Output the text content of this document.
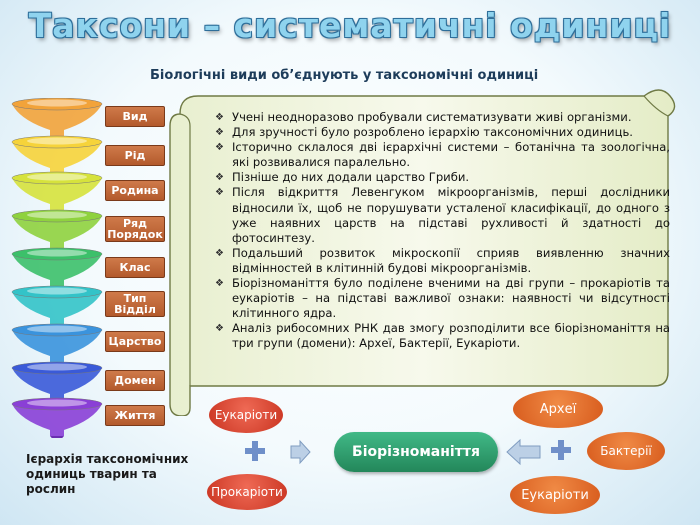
Таксони – систематичні одиниці
Біологічні види об’єднують у таксономічні одиниці
❖ Учені неодноразово пробували систематизувати живі організми.
❖ Для зручності було розроблено ієрархію таксономічних одиниць.
❖ Історично склалося дві ієрархічні системи – ботанічна та зоологічна, які розвивалися паралельно.
❖ Пізніше до них додали царство Гриби.
❖ Після відкриття Левенгуком мікроорганізмів, перші дослідники відносили їх, щоб не порушувати усталеної класифікації, до одного з уже наявних царств на підставі рухливості й здатності до фотосинтезу.
❖ Подальший розвиток мікроскопії сприяв виявленню значних відмінностей в клітинній будові мікроорганізмів.
❖ Біорізноманіття було поділене вченими на дві групи – прокаріотів та еукаріотів – на підставі важливої ознаки: наявності чи відсутності клітинного ядра.
❖ Аналіз рибосомних РНК дав змогу розподілити все біорізноманіття на три групи (домени): Археї, Бактерії, Еукаріоти.
Вид
Рід
Родина
Ряд Порядок
Клас
Тип Відділ
Царство
Домен
Життя
Ієрархія таксономічних одиниць тварин та рослин
Еукаріоти
Прокаріоти
Біорізноманіття
Археї
Бактерії
Еукаріоти
